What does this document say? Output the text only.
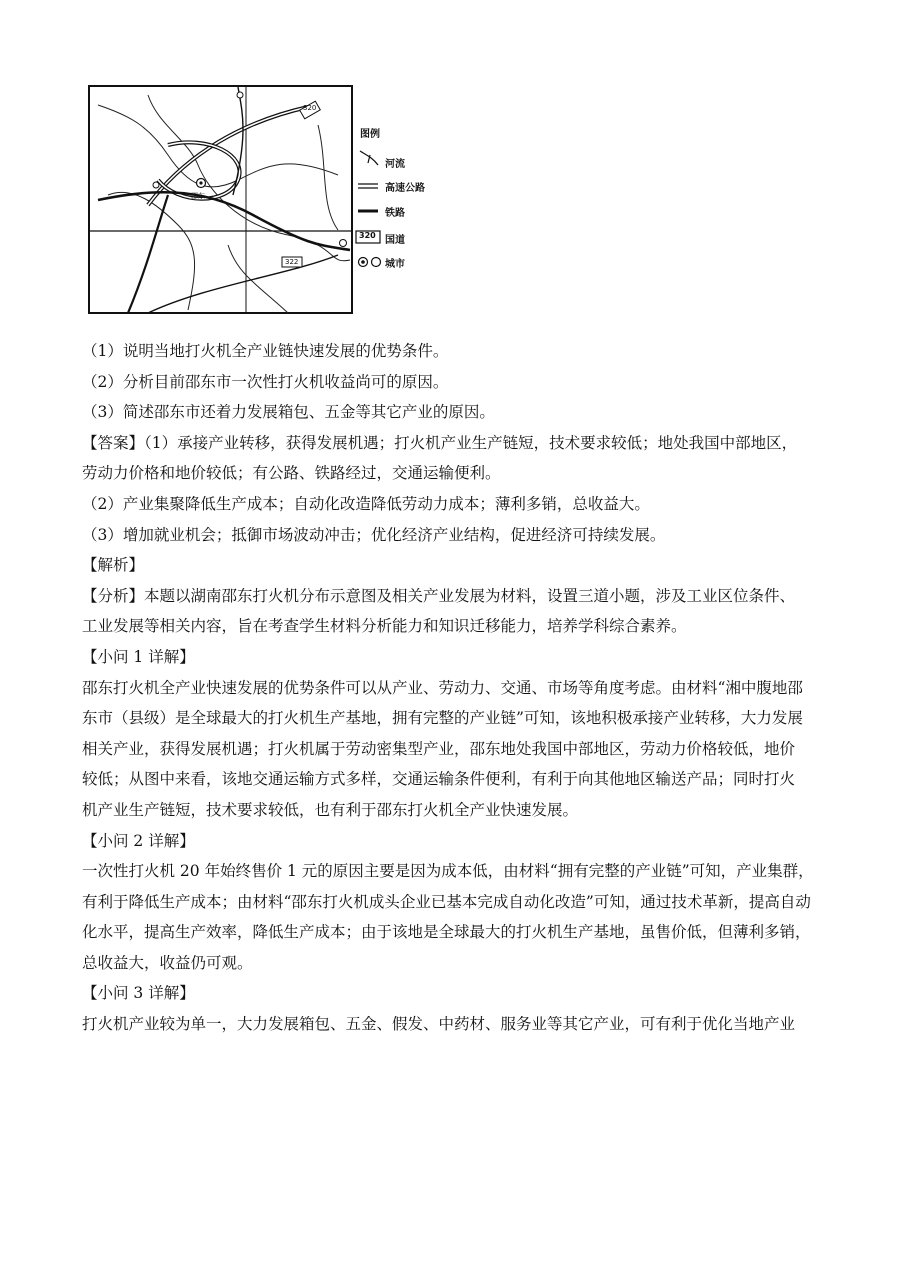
图例
河流
高速公路
铁路
320 国道
城市
邵东
320
322

（1）说明当地打火机全产业链快速发展的优势条件。

（2）分析目前邵东市一次性打火机收益尚可的原因。

（3）简述邵东市还着力发展箱包、五金等其它产业的原因。

【答案】（1）承接产业转移，获得发展机遇；打火机产业生产链短，技术要求较低；地处我国中部地区，

劳动力价格和地价较低；有公路、铁路经过，交通运输便利。

（2）产业集聚降低生产成本；自动化改造降低劳动力成本；薄利多销，总收益大。

（3）增加就业机会；抵御市场波动冲击；优化经济产业结构，促进经济可持续发展。

【解析】

【分析】本题以湖南邵东打火机分布示意图及相关产业发展为材料，设置三道小题，涉及工业区位条件、

工业发展等相关内容，旨在考查学生材料分析能力和知识迁移能力，培养学科综合素养。

【小问 1 详解】

邵东打火机全产业快速发展的优势条件可以从产业、劳动力、交通、市场等角度考虑。由材料“湘中腹地邵

东市（县级）是全球最大的打火机生产基地，拥有完整的产业链”可知，该地积极承接产业转移，大力发展

相关产业，获得发展机遇；打火机属于劳动密集型产业，邵东地处我国中部地区，劳动力价格较低，地价

较低；从图中来看，该地交通运输方式多样，交通运输条件便利，有利于向其他地区输送产品；同时打火

机产业生产链短，技术要求较低，也有利于邵东打火机全产业快速发展。

【小问 2 详解】

一次性打火机 20 年始终售价 1 元的原因主要是因为成本低，由材料“拥有完整的产业链”可知，产业集群，

有利于降低生产成本；由材料“邵东打火机成头企业已基本完成自动化改造”可知，通过技术革新，提高自动

化水平，提高生产效率，降低生产成本；由于该地是全球最大的打火机生产基地，虽售价低，但薄利多销，

总收益大，收益仍可观。

【小问 3 详解】

打火机产业较为单一，大力发展箱包、五金、假发、中药材、服务业等其它产业，可有利于优化当地产业
